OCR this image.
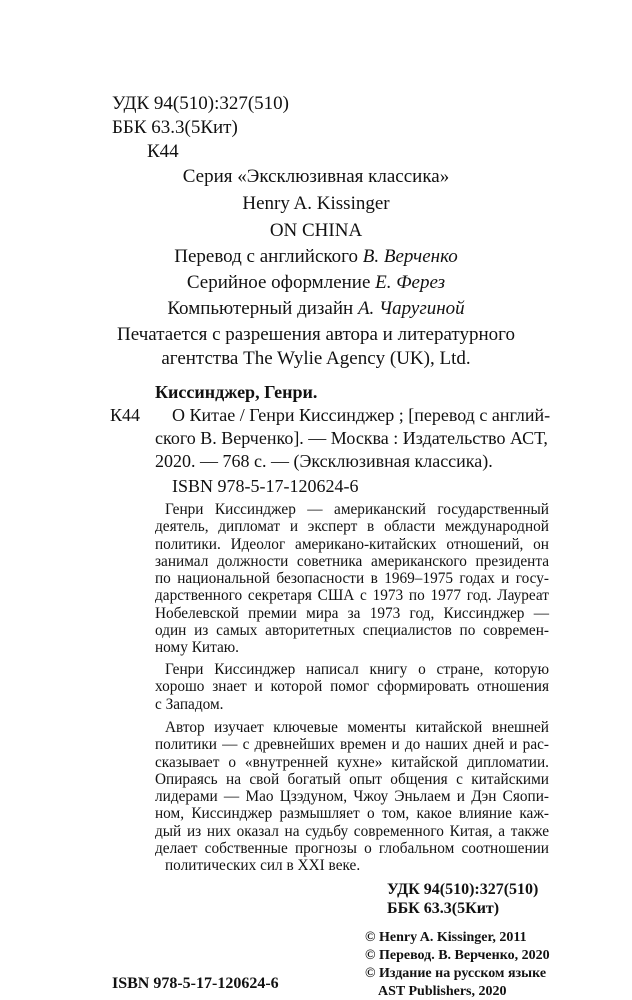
УДК 94(510):327(510)
ББК 63.3(5Кит)
К44
Серия «Эксклюзивная классика»
Henry A. Kissinger
ON CHINA
Перевод с английского В. Верченко
Серийное оформление Е. Ферез
Компьютерный дизайн А. Чаругиной
Печатается с разрешения автора и литературного
агентства The Wylie Agency (UK), Ltd.
Киссинджер, Генри.
К44 О Китае / Генри Киссинджер ; [перевод с англий-
ского В. Верченко]. — Москва : Издательство АСТ,
2020. — 768 с. — (Эксклюзивная классика).
ISBN 978-5-17-120624-6
Генри Киссинджер — американский государственный
деятель, дипломат и эксперт в области международной
политики. Идеолог американо-китайских отношений, он
занимал должности советника американского президента
по национальной безопасности в 1969–1975 годах и госу-
дарственного секретаря США с 1973 по 1977 год. Лауреат
Нобелевской премии мира за 1973 год, Киссинджер —
один из самых авторитетных специалистов по современ-
ному Китаю.
Генри Киссинджер написал книгу о стране, которую
хорошо знает и которой помог сформировать отношения
с Западом.
Автор изучает ключевые моменты китайской внешней
политики — с древнейших времен и до наших дней и рас-
сказывает о «внутренней кухне» китайской дипломатии.
Опираясь на свой богатый опыт общения с китайскими
лидерами — Мао Цзэдуном, Чжоу Эньлаем и Дэн Сяопи-
ном, Киссинджер размышляет о том, какое влияние каж-
дый из них оказал на судьбу современного Китая, а также
делает собственные прогнозы о глобальном соотношении
политических сил в XXI веке.
УДК 94(510):327(510)
ББК 63.3(5Кит)
© Henry A. Kissinger, 2011
© Перевод. В. Верченко, 2020
© Издание на русском языке
AST Publishers, 2020
ISBN 978-5-17-120624-6
